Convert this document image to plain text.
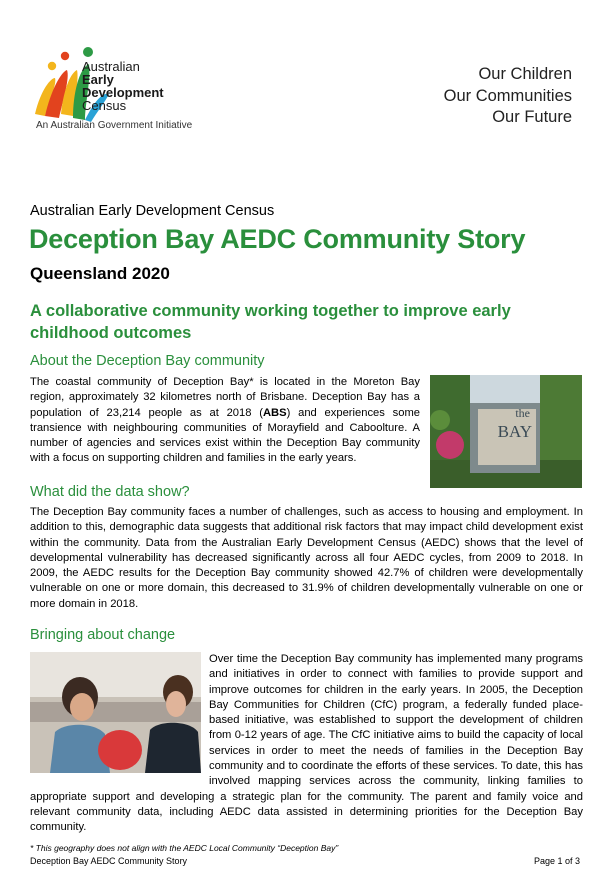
Australian
Early
Development
Census
An Australian Government Initiative
Our Children
Our Communities
Our Future
Australian Early Development Census
Deception Bay AEDC Community Story
Queensland 2020
A collaborative community working together to improve early childhood outcomes
About the Deception Bay community
The coastal community of Deception Bay* is located in the Moreton Bay region, approximately 32 kilometres north of Brisbane. Deception Bay has a population of 23,214 people as at 2018 (ABS) and experiences some transience with neighbouring communities of Morayfield and Caboolture. A number of agencies and services exist within the Deception Bay community with a focus on supporting children and families in the early years.
the
BAY
What did the data show?
The Deception Bay community faces a number of challenges, such as access to housing and employment. In addition to this, demographic data suggests that additional risk factors that may impact child development exist within the community. Data from the Australian Early Development Census (AEDC) shows that the level of developmental vulnerability has decreased significantly across all four AEDC cycles, from 2009 to 2018. In 2009, the AEDC results for the Deception Bay community showed 42.7% of children were developmentally vulnerable on one or more domain, this decreased to 31.9% of children developmentally vulnerable on one or more domain in 2018.
Bringing about change
Over time the Deception Bay community has implemented many programs and initiatives in order to connect with families to provide support and improve outcomes for children in the early years. In 2005, the Deception Bay Communities for Children (CfC) program, a federally funded place-based initiative, was established to support the development of children from 0-12 years of age. The CfC initiative aims to build the capacity of local services in order to meet the needs of families in the Deception Bay community and to coordinate the efforts of these services. To date, this has involved mapping services across the community, linking families to appropriate support and developing a strategic plan for the community. The parent and family voice and relevant community data, including AEDC data assisted in determining priorities for the Deception Bay community.
* This geography does not align with the AEDC Local Community “Deception Bay”
Deception Bay AEDC Community Story	Page 1 of 3
